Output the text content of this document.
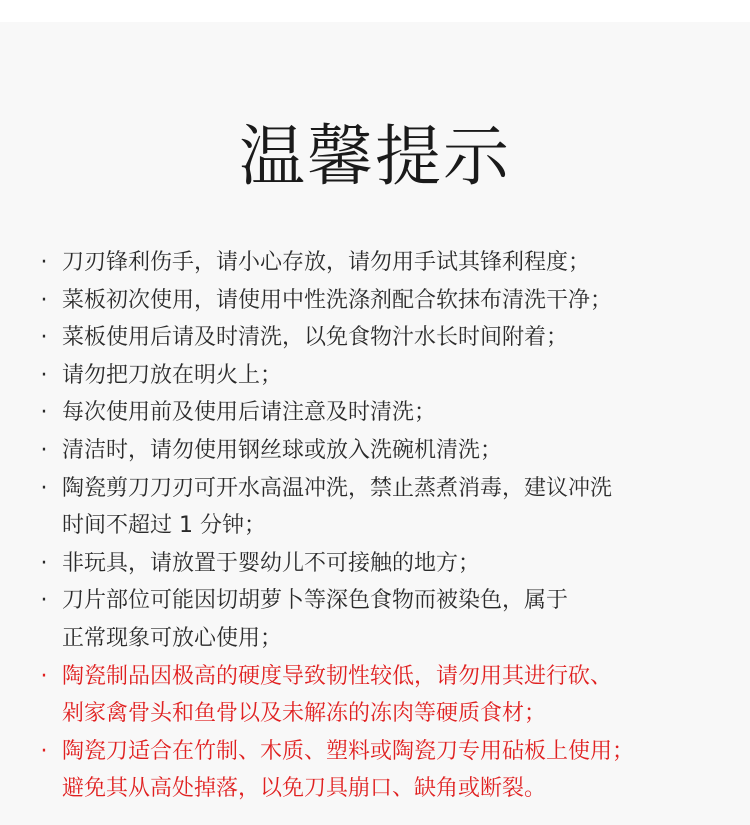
温馨提示
· 刀刃锋利伤手，请小心存放，请勿用手试其锋利程度；
· 菜板初次使用，请使用中性洗涤剂配合软抹布清洗干净；
· 菜板使用后请及时清洗，以免食物汁水长时间附着；
· 请勿把刀放在明火上；
· 每次使用前及使用后请注意及时清洗；
· 清洁时，请勿使用钢丝球或放入洗碗机清洗；
· 陶瓷剪刀刀刃可开水高温冲洗，禁止蒸煮消毒，建议冲洗
时间不超过 1 分钟；
· 非玩具，请放置于婴幼儿不可接触的地方；
· 刀片部位可能因切胡萝卜等深色食物而被染色，属于
正常现象可放心使用；
· 陶瓷制品因极高的硬度导致韧性较低，请勿用其进行砍、
剁家禽骨头和鱼骨以及未解冻的冻肉等硬质食材；
· 陶瓷刀适合在竹制、木质、塑料或陶瓷刀专用砧板上使用；
避免其从高处掉落，以免刀具崩口、缺角或断裂。
